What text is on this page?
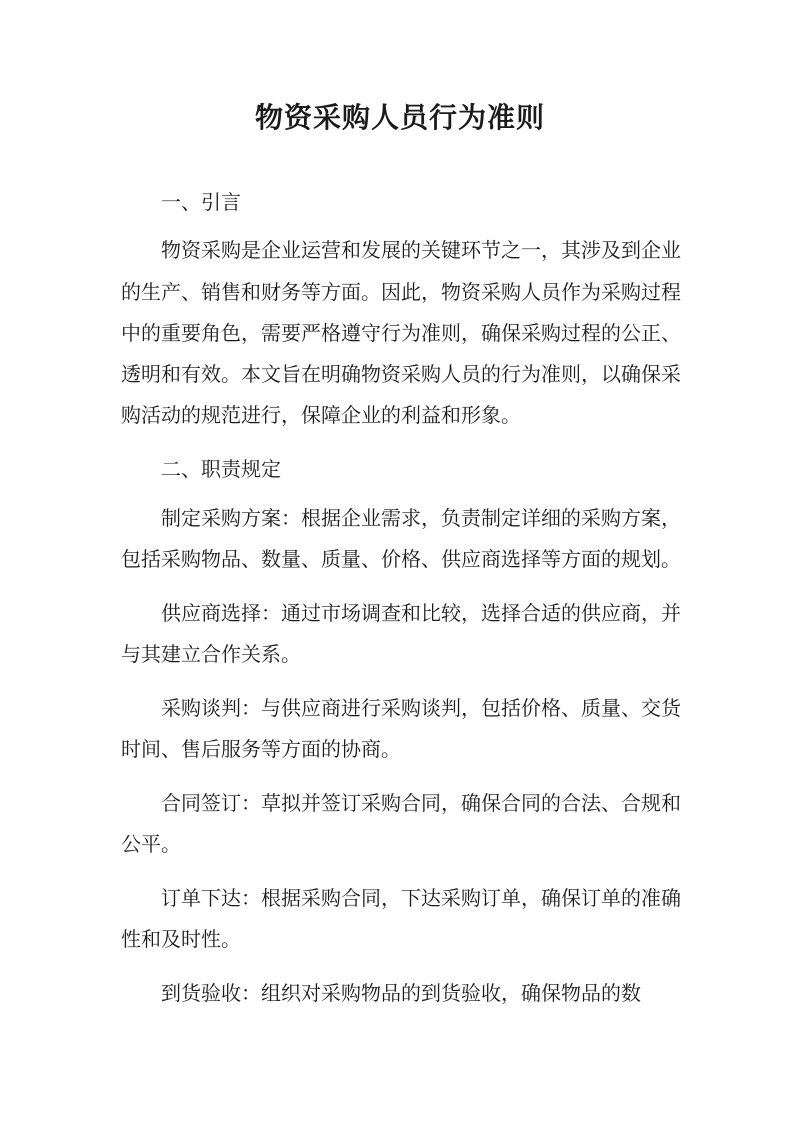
物资采购人员行为准则

一、引言

物资采购是企业运营和发展的关键环节之一，其涉及到企业的生产、销售和财务等方面。因此，物资采购人员作为采购过程中的重要角色，需要严格遵守行为准则，确保采购过程的公正、透明和有效。本文旨在明确物资采购人员的行为准则，以确保采购活动的规范进行，保障企业的利益和形象。

二、职责规定

制定采购方案：根据企业需求，负责制定详细的采购方案，包括采购物品、数量、质量、价格、供应商选择等方面的规划。

供应商选择：通过市场调查和比较，选择合适的供应商，并与其建立合作关系。

采购谈判：与供应商进行采购谈判，包括价格、质量、交货时间、售后服务等方面的协商。

合同签订：草拟并签订采购合同，确保合同的合法、合规和公平。

订单下达：根据采购合同，下达采购订单，确保订单的准确性和及时性。

到货验收：组织对采购物品的到货验收，确保物品的数
